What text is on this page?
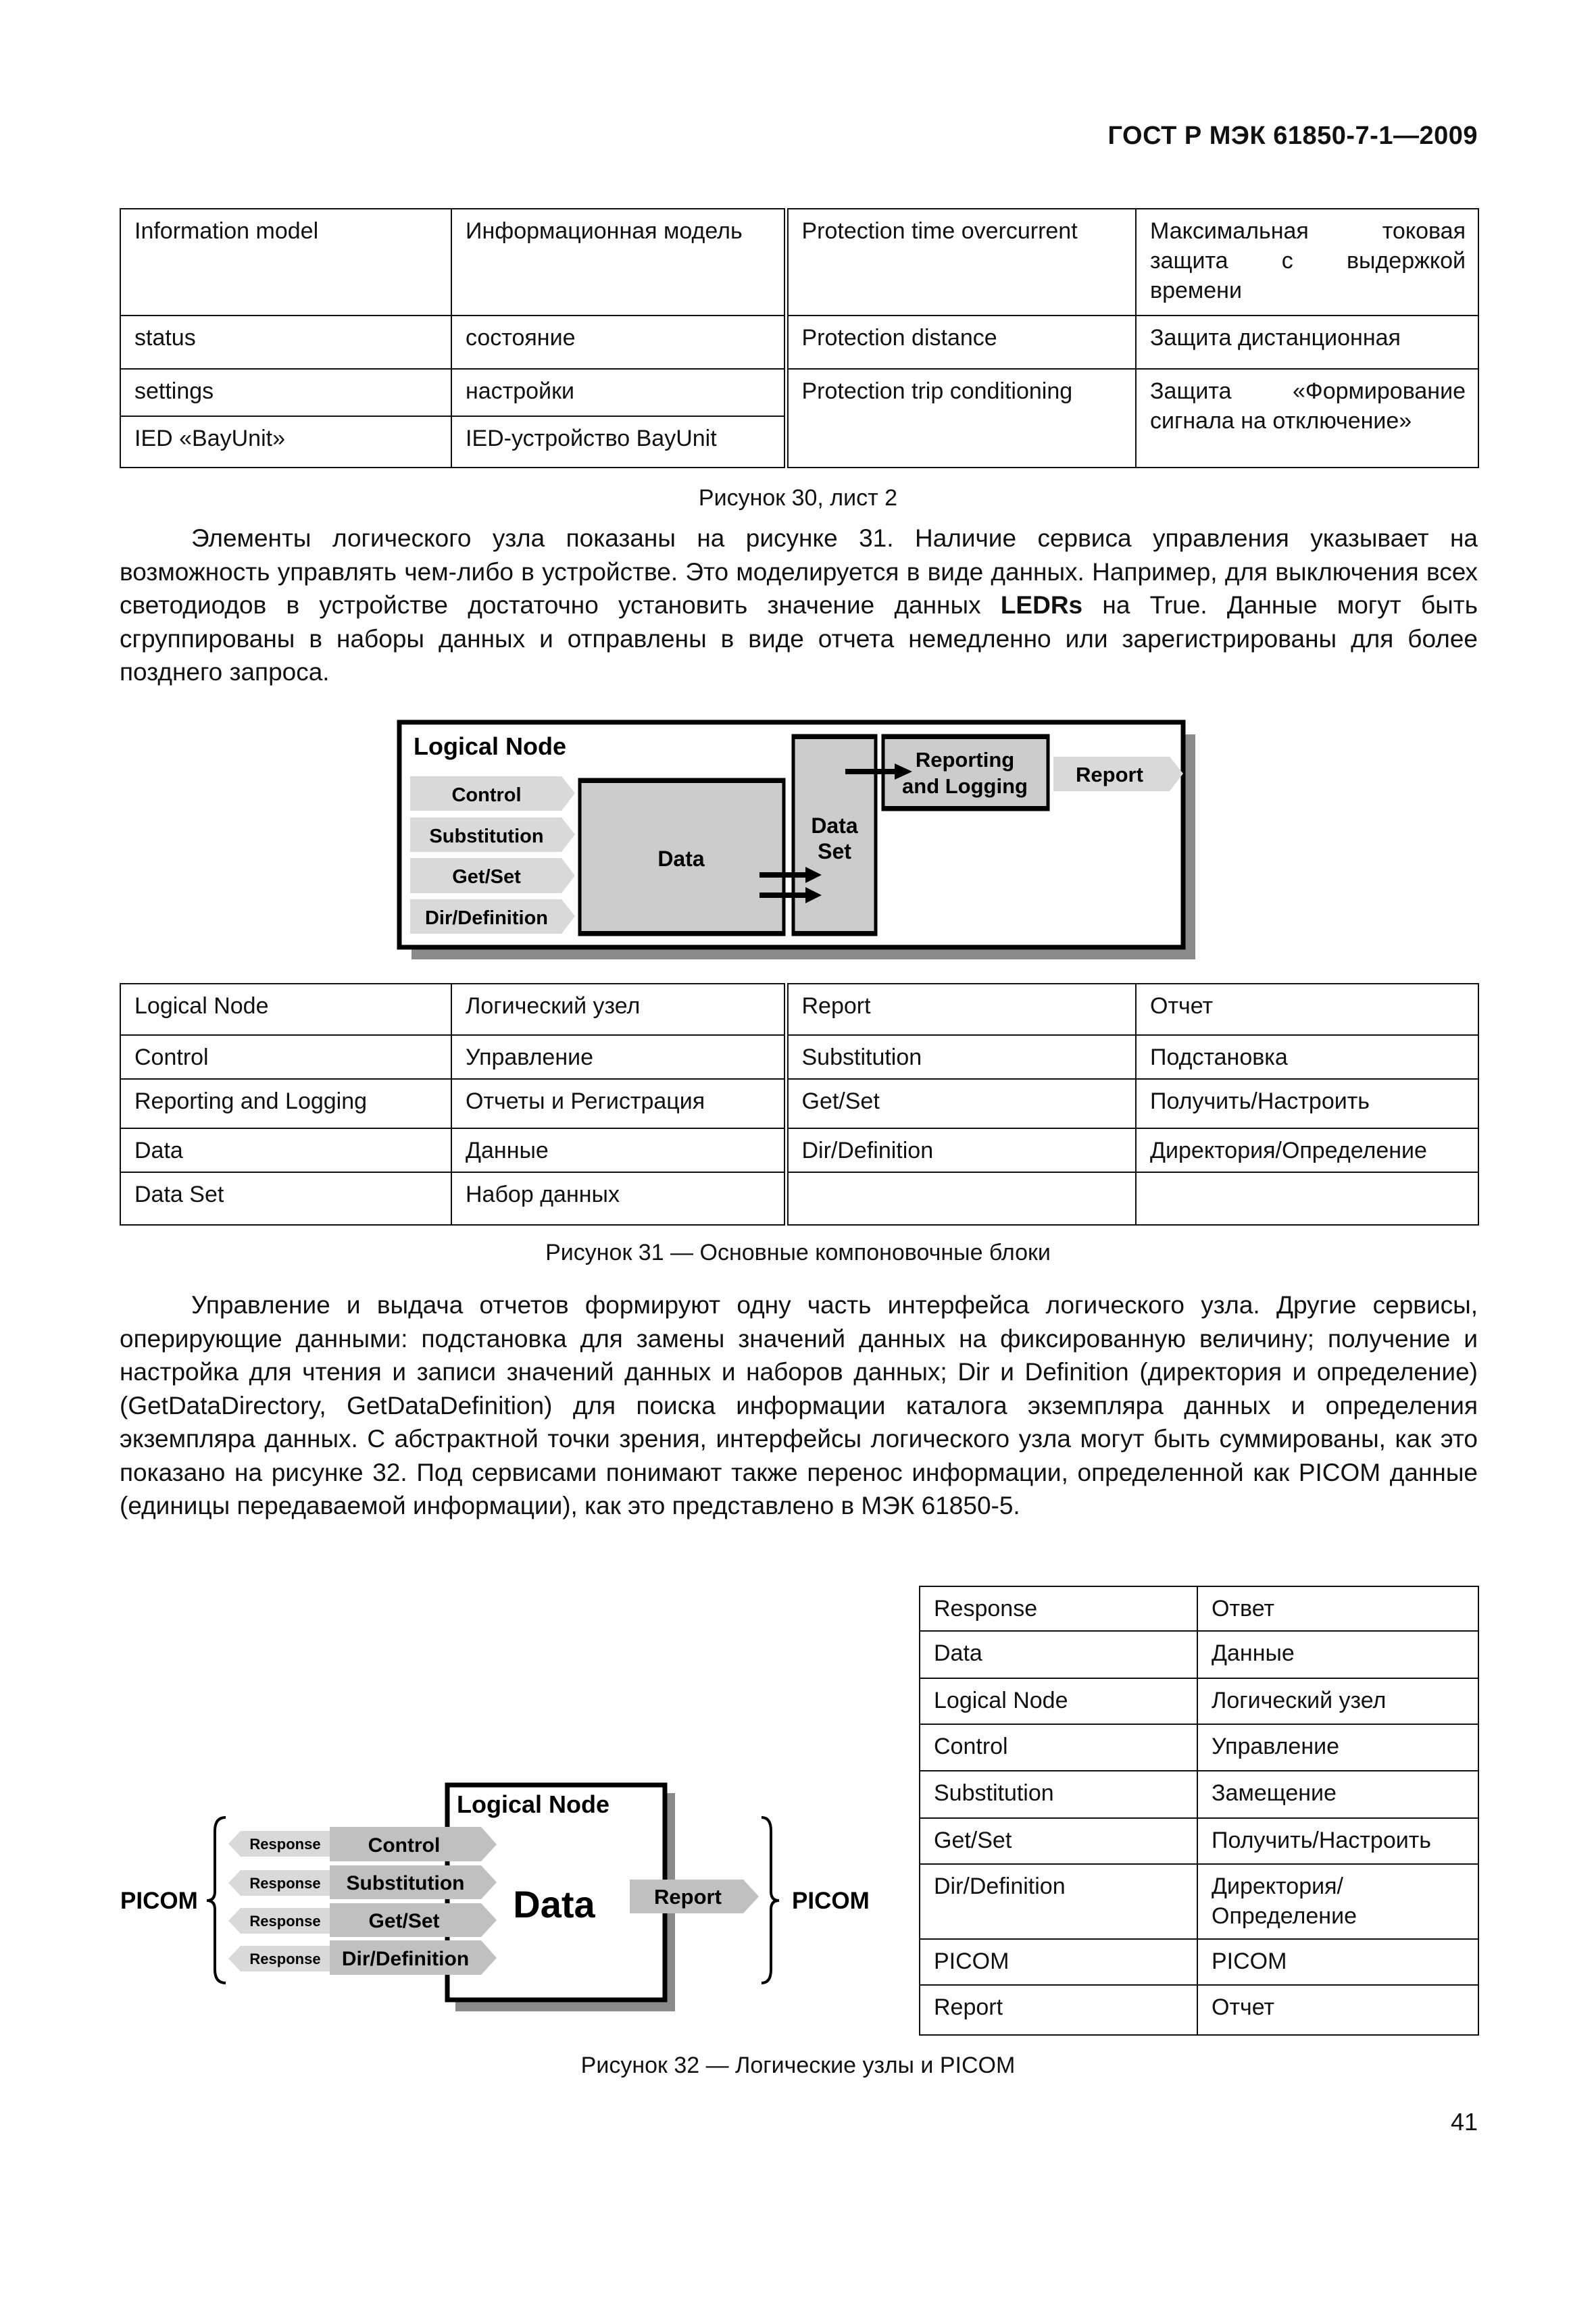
ГОСТ Р МЭК 61850-7-1—2009
Information model	Информационная модель	Protection time overcurrent	Максимальная токовая защита с выдержкой времени
status	состояние	Protection distance	Защита дистанционная
settings	настройки	Protection trip conditioning	Защита «Формирование сигнала на отключение»
IED «BayUnit»	IED-устройство BayUnit		
Рисунок 30, лист 2

Элементы логического узла показаны на рисунке 31. Наличие сервиса управления указывает на возможность управлять чем-либо в устройстве. Это моделируется в виде данных. Например, для выключения всех светодиодов в устройстве достаточно установить значение данных LEDRs на True. Данные могут быть сгруппированы в наборы данных и отправлены в виде отчета немедленно или зарегистрированы для более позднего запроса.

Logical Node
Control
Substitution
Get/Set
Dir/Definition
Data
Data
Set
Reporting
and Logging Report
Logical Node	Логический узел	Report	Отчет
Control	Управление	Substitution	Подстановка
Reporting and Logging	Отчеты и Регистрация	Get/Set	Получить/Настроить
Data	Данные	Dir/Definition	Директория/Определение
Data Set	Набор данных		
Рисунок 31 — Основные компоновочные блоки

Управление и выдача отчетов формируют одну часть интерфейса логического узла. Другие сервисы, оперирующие данными: подстановка для замены значений данных на фиксированную величину; получение и настройка для чтения и записи значений данных и наборов данных; Dir и Definition (директория и определение) (GetDataDirectory, GetDataDefinition) для поиска информации каталога экземпляра данных и определения экземпляра данных. С абстрактной точки зрения, интерфейсы логического узла могут быть суммированы, как это показано на рисунке 32. Под сервисами понимают также перенос информации, определенной как PICOM данные (единицы передаваемой информации), как это представлено в МЭК 61850-5.

Response	Ответ
Data	Данные
Logical Node	Логический узел
Control	Управление
Substitution	Замещение
Get/Set	Получить/Настроить
Dir/Definition	Директория/Определение
PICOM	PICOM
Report	Отчет
PICOM
Logical Node
Response
Response
Response
Response
Control
Substitution
Get/Set
Dir/Definition
Data	Report	PICOM
Рисунок 32 — Логические узлы и PICOM
41
